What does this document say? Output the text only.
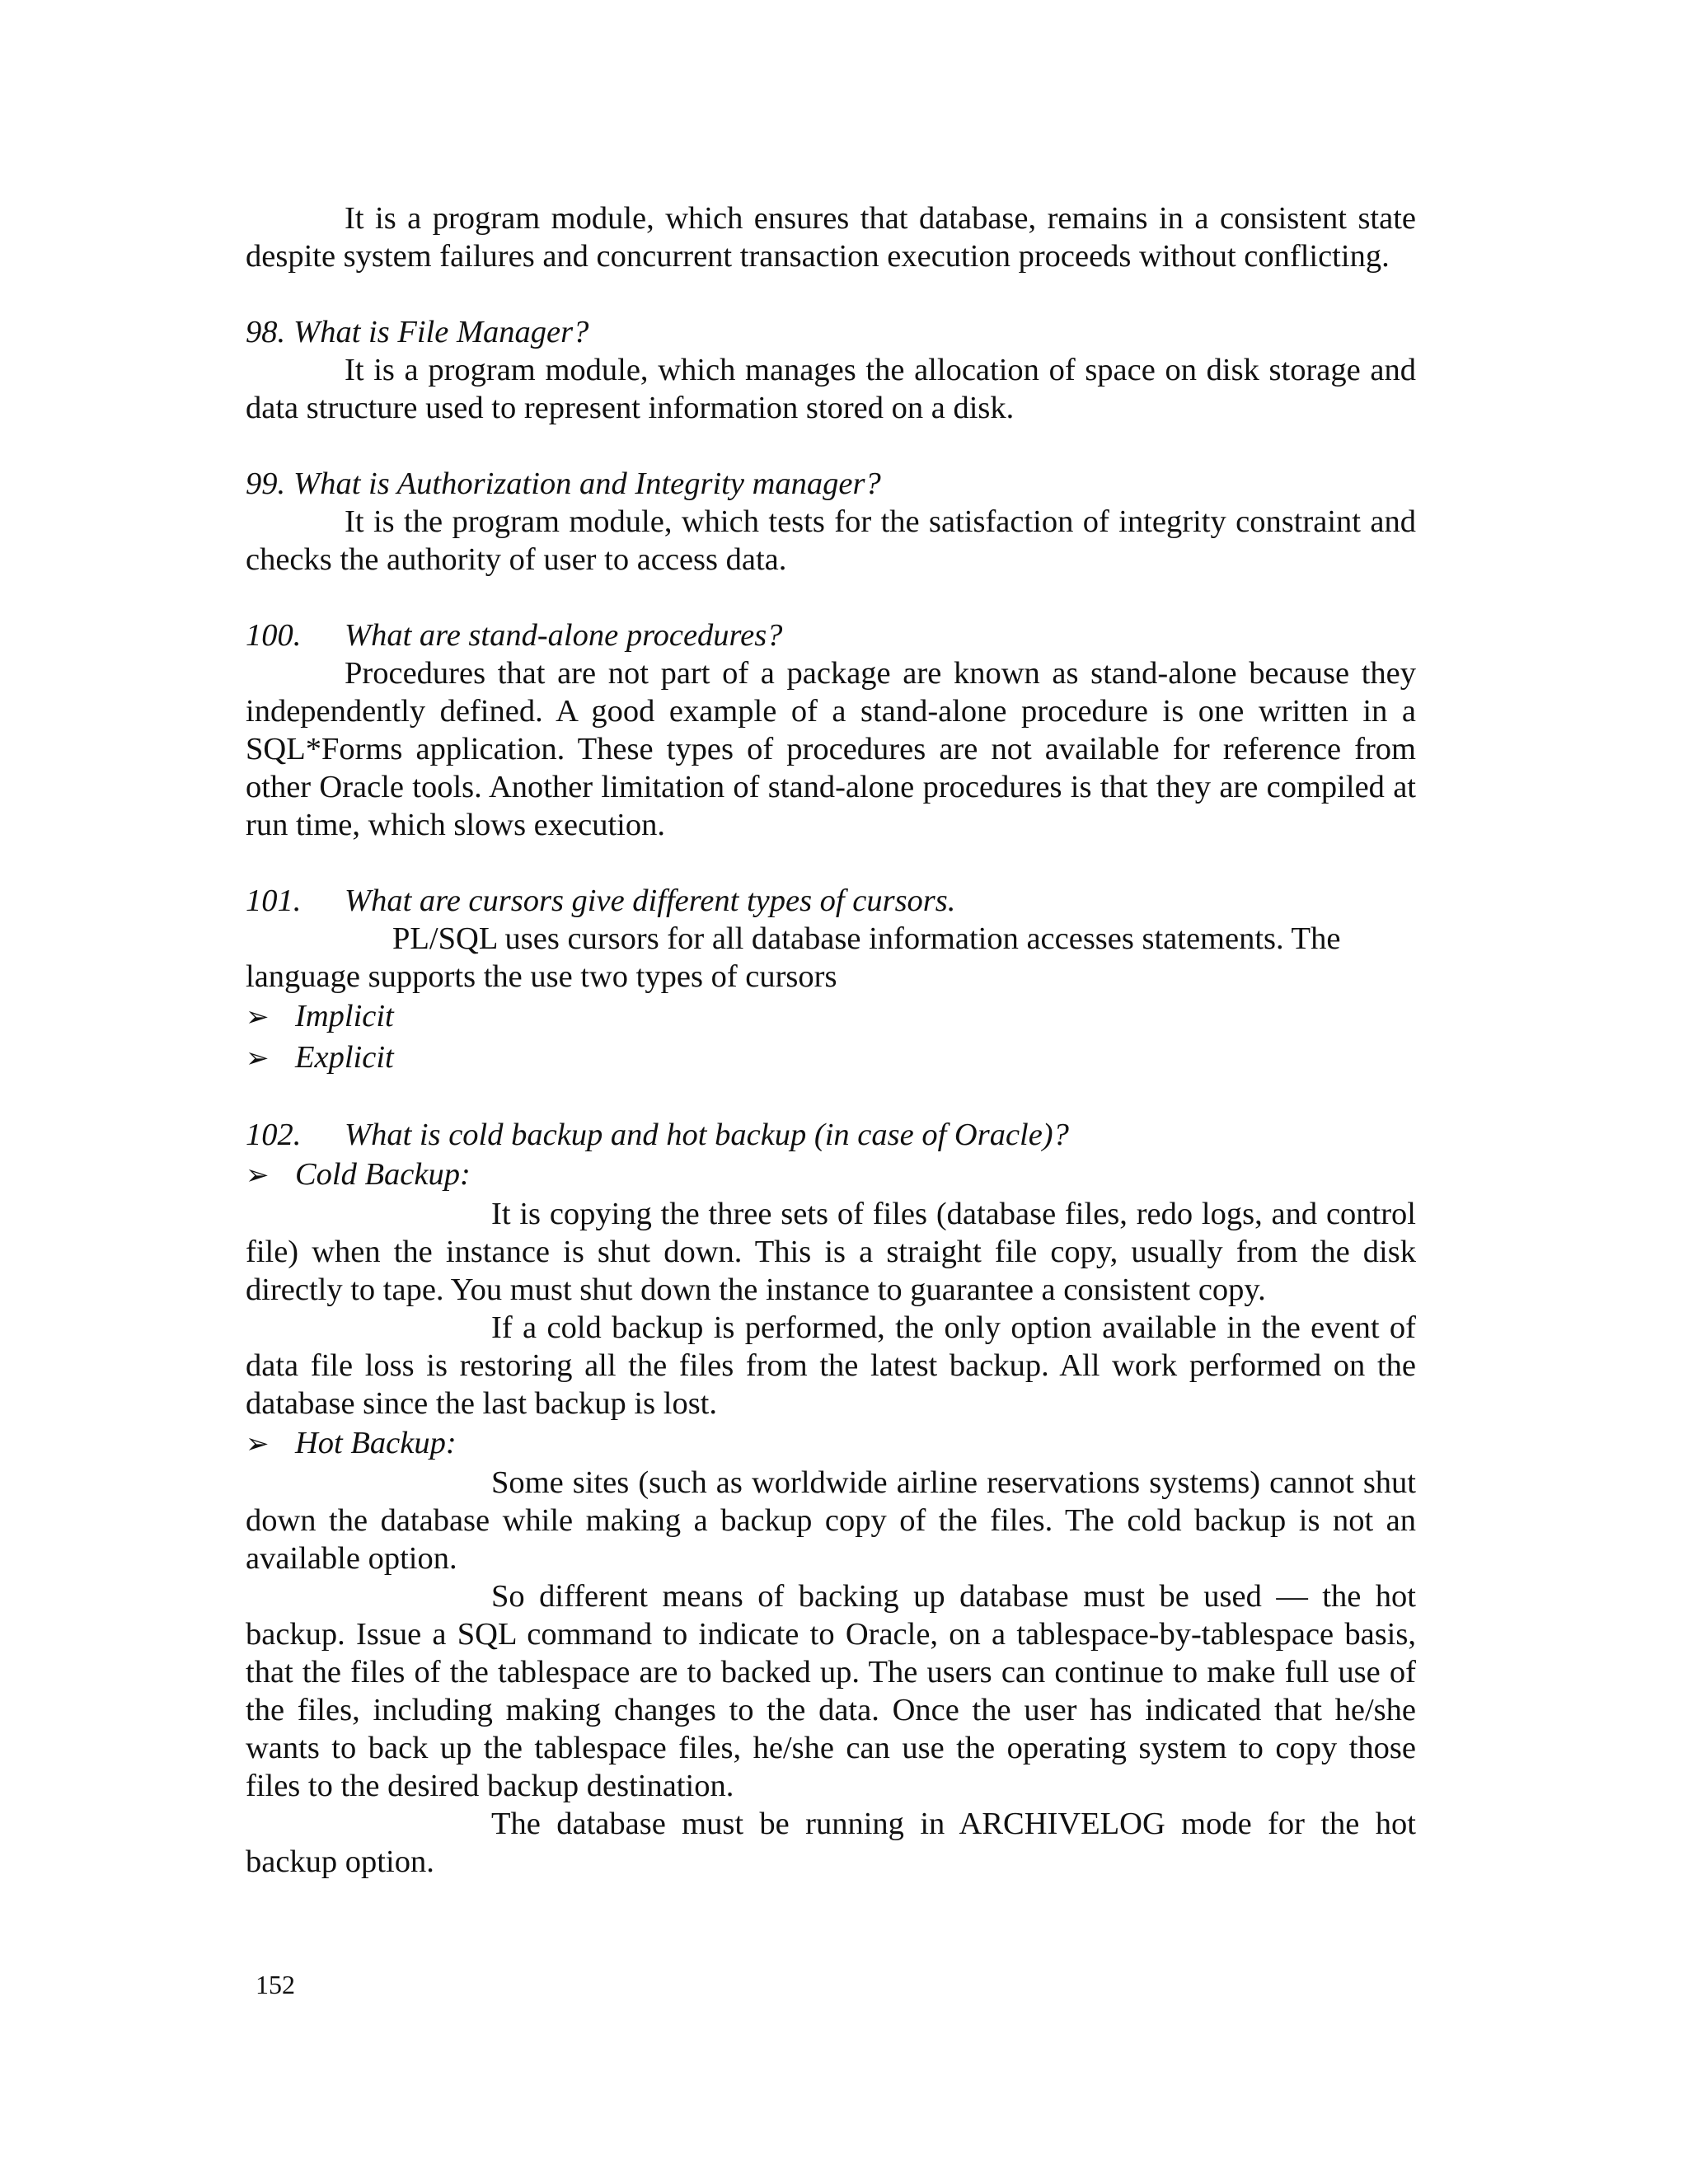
It is a program module, which ensures that database, remains in a consistent state despite system failures and concurrent transaction execution proceeds without conflicting.

98. What is File Manager?

It is a program module, which manages the allocation of space on disk storage and data structure used to represent information stored on a disk.

99. What is Authorization and Integrity manager?

It is the program module, which tests for the satisfaction of integrity constraint and checks the authority of user to access data.

100. What are stand-alone procedures?

Procedures that are not part of a package are known as stand-alone because they independently defined. A good example of a stand-alone procedure is one written in a SQL*Forms application. These types of procedures are not available for reference from other Oracle tools. Another limitation of stand-alone procedures is that they are compiled at run time, which slows execution.

101. What are cursors give different types of cursors.

PL/SQL uses cursors for all database information accesses statements. The language supports the use two types of cursors

➢ Implicit
➢ Explicit
102. What is cold backup and hot backup (in case of Oracle)?
➢ Cold Backup:

It is copying the three sets of files (database files, redo logs, and control file) when the instance is shut down. This is a straight file copy, usually from the disk directly to tape. You must shut down the instance to guarantee a consistent copy.

If a cold backup is performed, the only option available in the event of data file loss is restoring all the files from the latest backup. All work performed on the database since the last backup is lost.

➢ Hot Backup:

Some sites (such as worldwide airline reservations systems) cannot shut down the database while making a backup copy of the files. The cold backup is not an available option.

So different means of backing up database must be used — the hot backup. Issue a SQL command to indicate to Oracle, on a tablespace-by-tablespace basis, that the files of the tablespace are to backed up. The users can continue to make full use of the files, including making changes to the data. Once the user has indicated that he/she wants to back up the tablespace files, he/she can use the operating system to copy those files to the desired backup destination.

The database must be running in ARCHIVELOG mode for the hot backup option.

152
